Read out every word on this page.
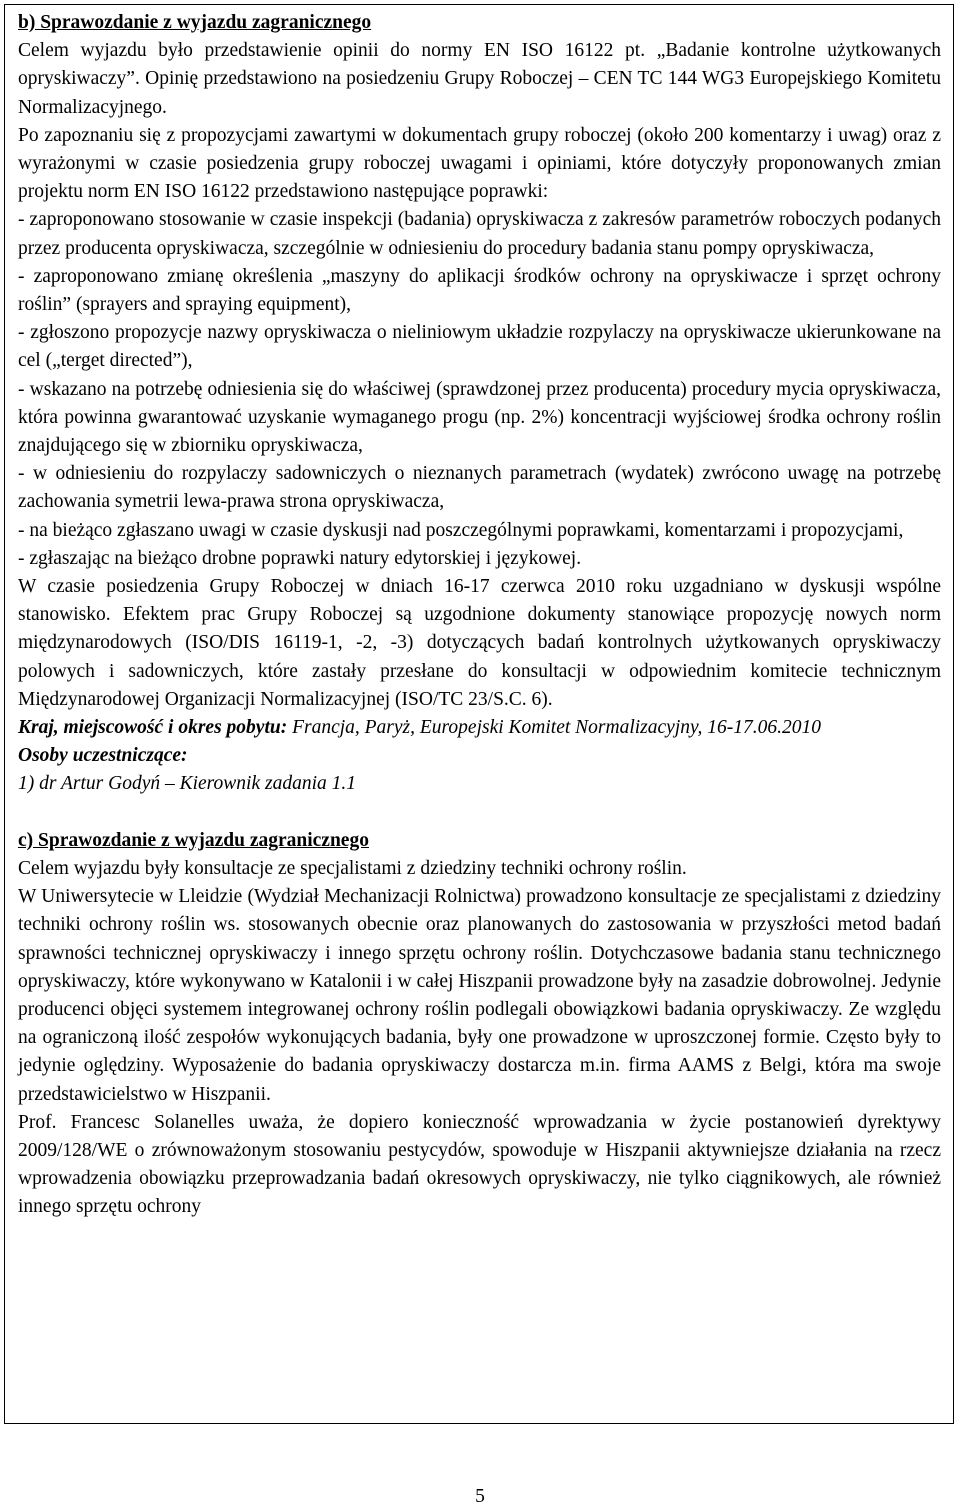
b) Sprawozdanie z wyjazdu zagranicznego

Celem wyjazdu było przedstawienie opinii do normy EN ISO 16122 pt. „Badanie kontrolne użytkowanych opryskiwaczy”. Opinię przedstawiono na posiedzeniu Grupy Roboczej – CEN TC 144 WG3 Europejskiego Komitetu Normalizacyjnego.

Po zapoznaniu się z propozycjami zawartymi w dokumentach grupy roboczej (około 200 komentarzy i uwag) oraz z wyrażonymi w czasie posiedzenia grupy roboczej uwagami i opiniami, które dotyczyły proponowanych zmian projektu norm EN ISO 16122 przedstawiono następujące poprawki:

- zaproponowano stosowanie w czasie inspekcji (badania) opryskiwacza z zakresów parametrów roboczych podanych przez producenta opryskiwacza, szczególnie w odniesieniu do procedury badania stanu pompy opryskiwacza,

- zaproponowano zmianę określenia „maszyny do aplikacji środków ochrony na opryskiwacze i sprzęt ochrony roślin” (sprayers and spraying equipment),

- zgłoszono propozycje nazwy opryskiwacza o nieliniowym układzie rozpylaczy na opryskiwacze ukierunkowane na cel („terget directed”),

- wskazano na potrzebę odniesienia się do właściwej (sprawdzonej przez producenta) procedury mycia opryskiwacza, która powinna gwarantować uzyskanie wymaganego progu (np. 2%) koncentracji wyjściowej środka ochrony roślin znajdującego się w zbiorniku opryskiwacza,

- w odniesieniu do rozpylaczy sadowniczych o nieznanych parametrach (wydatek) zwrócono uwagę na potrzebę zachowania symetrii lewa-prawa strona opryskiwacza,

- na bieżąco zgłaszano uwagi w czasie dyskusji nad poszczególnymi poprawkami, komentarzami i propozycjami,

- zgłaszając na bieżąco drobne poprawki natury edytorskiej i językowej.

W czasie posiedzenia Grupy Roboczej w dniach 16-17 czerwca 2010 roku uzgadniano w dyskusji wspólne stanowisko. Efektem prac Grupy Roboczej są uzgodnione dokumenty stanowiące propozycję nowych norm międzynarodowych (ISO/DIS 16119-1, -2, -3) dotyczących badań kontrolnych użytkowanych opryskiwaczy polowych i sadowniczych, które zastały przesłane do konsultacji w odpowiednim komitecie technicznym Międzynarodowej Organizacji Normalizacyjnej (ISO/TC 23/S.C. 6).

Kraj, miejscowość i okres pobytu: Francja, Paryż, Europejski Komitet Normalizacyjny, 16-17.06.2010

Osoby uczestniczące:

1) dr Artur Godyń – Kierownik zadania 1.1

c) Sprawozdanie z wyjazdu zagranicznego

Celem wyjazdu były konsultacje ze specjalistami z dziedziny techniki ochrony roślin.

W Uniwersytecie w Lleidzie (Wydział Mechanizacji Rolnictwa) prowadzono konsultacje ze specjalistami z dziedziny techniki ochrony roślin ws. stosowanych obecnie oraz planowanych do zastosowania w przyszłości metod badań sprawności technicznej opryskiwaczy i innego sprzętu ochrony roślin. Dotychczasowe badania stanu technicznego opryskiwaczy, które wykonywano w Katalonii i w całej Hiszpanii prowadzone były na zasadzie dobrowolnej. Jedynie producenci objęci systemem integrowanej ochrony roślin podlegali obowiązkowi badania opryskiwaczy. Ze względu na ograniczoną ilość zespołów wykonujących badania, były one prowadzone w uproszczonej formie. Często były to jedynie oględziny. Wyposażenie do badania opryskiwaczy dostarcza m.in. firma AAMS z Belgi, która ma swoje przedstawicielstwo w Hiszpanii.

Prof. Francesc Solanelles uważa, że dopiero konieczność wprowadzania w życie postanowień dyrektywy 2009/128/WE o zrównoważonym stosowaniu pestycydów, spowoduje w Hiszpanii aktywniejsze działania na rzecz wprowadzenia obowiązku przeprowadzania badań okresowych opryskiwaczy, nie tylko ciągnikowych, ale również innego sprzętu ochrony

5
